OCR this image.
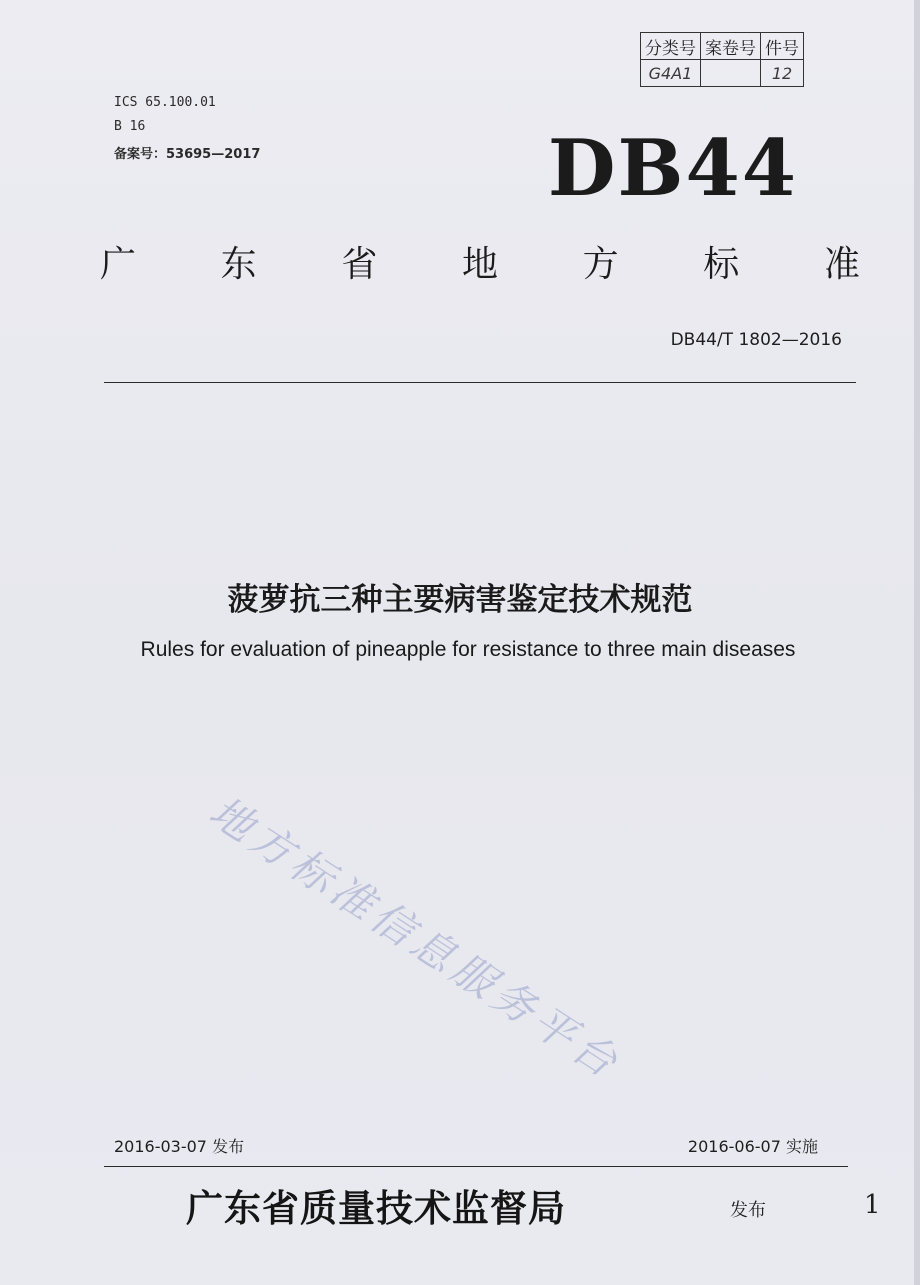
分类号	案卷号	件号
G4A1		12
ICS 65.100.01
B 16
备案号：53695—2017	DB44
广 东 省 地 方 标 准
DB44/T 1802—2016
菠萝抗三种主要病害鉴定技术规范
Rules for evaluation of pineapple for resistance to three main diseases
地方标准信息服务平台
2016-03-07 发布	2016-06-07 实施
广东省质量技术监督局	发布	1
